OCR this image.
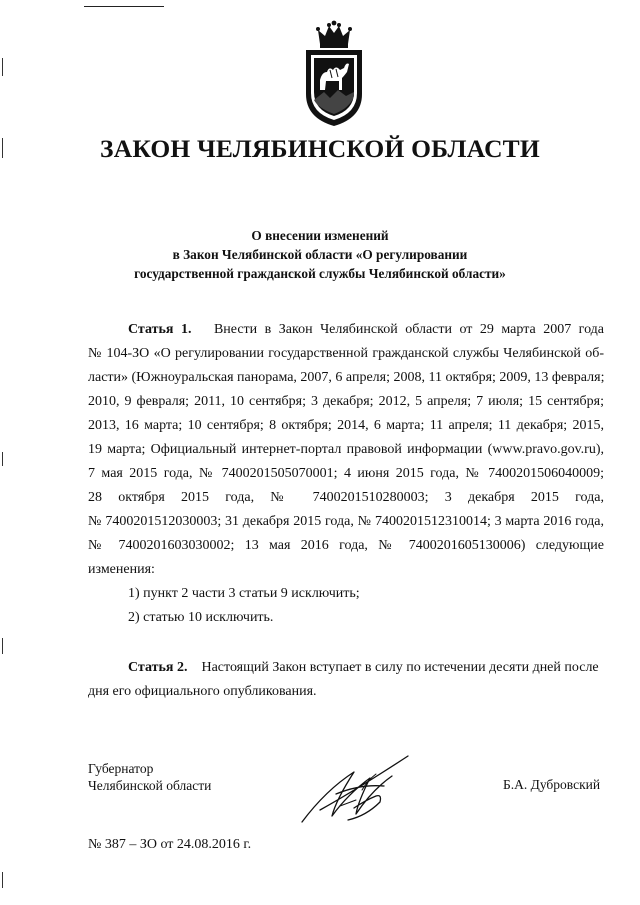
ЗАКОН ЧЕЛЯБИНСКОЙ ОБЛАСТИ
О внесении изменений
в Закон Челябинской области «О регулировании
государственной гражданской службы Челябинской области»
Статья 1. Внести в Закон Челябинской области от 29 марта 2007 года
№ 104-ЗО «О регулировании государственной гражданской службы Челябинской об-
ласти» (Южноуральская панорама, 2007, 6 апреля; 2008, 11 октября; 2009, 13 февраля;
2010, 9 февраля; 2011, 10 сентября; 3 декабря; 2012, 5 апреля; 7 июля; 15 сентября;
2013, 16 марта; 10 сентября; 8 октября; 2014, 6 марта; 11 апреля; 11 декабря; 2015,
19 марта; Официальный интернет-портал правовой информации (www.pravo.gov.ru),
7 мая 2015 года, № 7400201505070001; 4 июня 2015 года, № 7400201506040009;
28 октября 2015 года, № 7400201510280003; 3 декабря 2015 года,
№ 7400201512030003; 31 декабря 2015 года, № 7400201512310014; 3 марта 2016 года,
№ 7400201603030002; 13 мая 2016 года, № 7400201605130006) следующие
изменения:
1) пункт 2 части 3 статьи 9 исключить;
2) статью 10 исключить.
Статья 2. Настоящий Закон вступает в силу по истечении десяти дней после
дня его официального опубликования.
Губернатор
Челябинской области	Б.А. Дубровский
№ 387 – ЗО от 24.08.2016 г.
